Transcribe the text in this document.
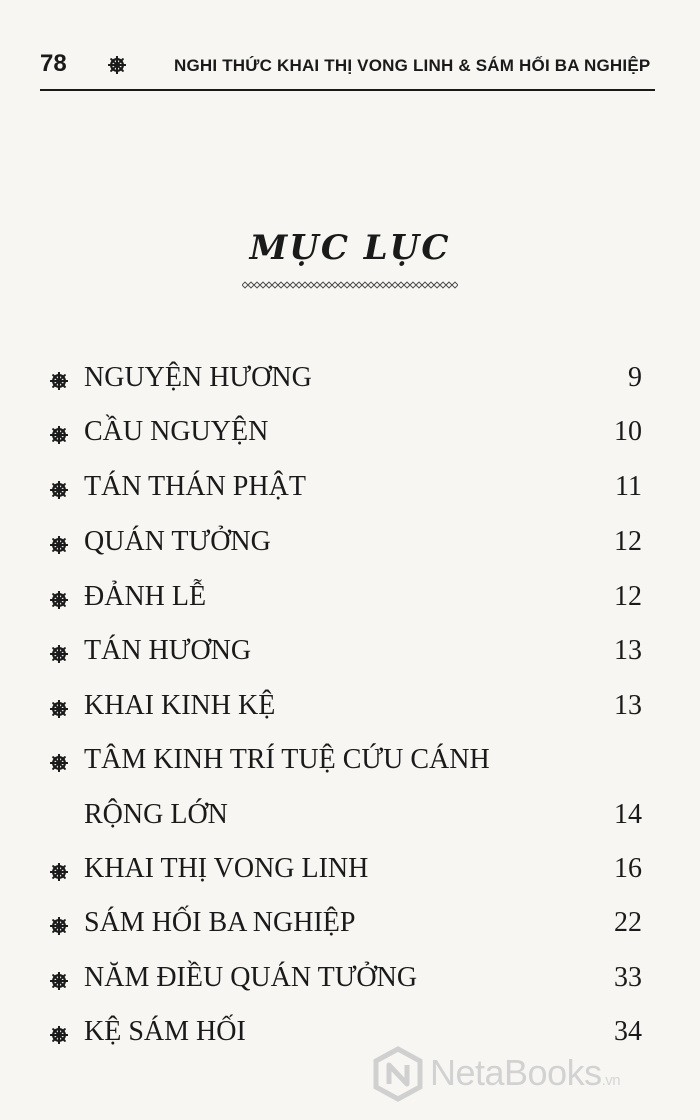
78	NGHI THỨC KHAI THỊ VONG LINH & SÁM HỐI BA NGHIỆP
MỤC LỤC
NGUYỆN HƯƠNG	9
CẦU NGUYỆN	10
TÁN THÁN PHẬT	11
QUÁN TƯỞNG	12
ĐẢNH LỄ	12
TÁN HƯƠNG	13
KHAI KINH KỆ	13
TÂM KINH TRÍ TUỆ CỨU CÁNH
RỘNG LỚN	14
KHAI THỊ VONG LINH	16
SÁM HỐI BA NGHIỆP	22
NĂM ĐIỀU QUÁN TƯỞNG	33
KỆ SÁM HỐI	34
NetaBooks.vn
